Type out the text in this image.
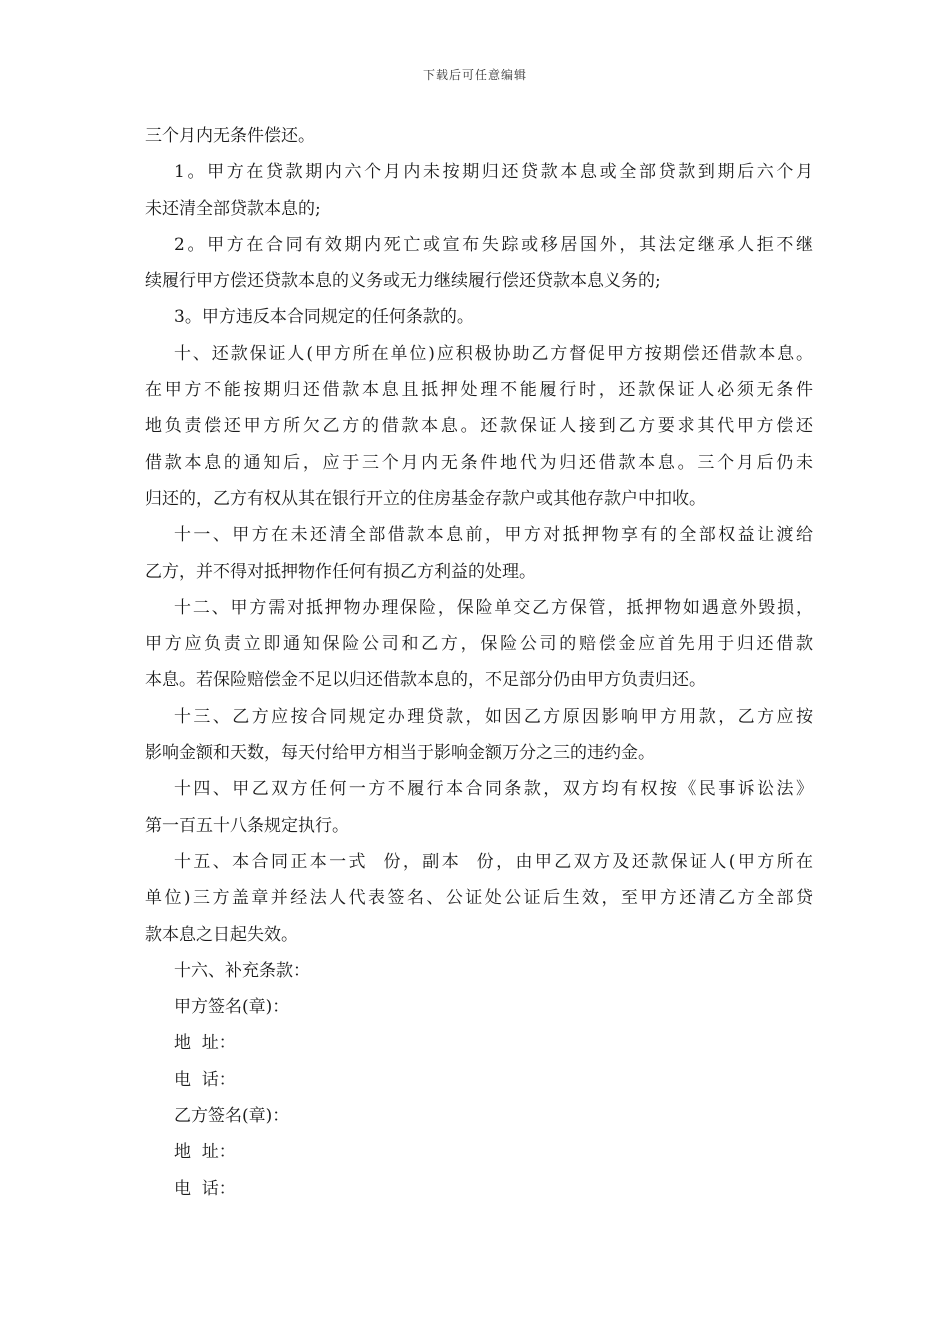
下载后可任意编辑
三个月内无条件偿还。
1。甲方在贷款期内六个月内未按期归还贷款本息或全部贷款到期后六个月
未还清全部贷款本息的;
2。甲方在合同有效期内死亡或宣布失踪或移居国外，其法定继承人拒不继
续履行甲方偿还贷款本息的义务或无力继续履行偿还贷款本息义务的;
3。甲方违反本合同规定的任何条款的。
十、还款保证人(甲方所在单位)应积极协助乙方督促甲方按期偿还借款本息。
在甲方不能按期归还借款本息且抵押处理不能履行时，还款保证人必须无条件
地负责偿还甲方所欠乙方的借款本息。还款保证人接到乙方要求其代甲方偿还
借款本息的通知后，应于三个月内无条件地代为归还借款本息。三个月后仍未
归还的，乙方有权从其在银行开立的住房基金存款户或其他存款户中扣收。
十一、甲方在未还清全部借款本息前，甲方对抵押物享有的全部权益让渡给
乙方，并不得对抵押物作任何有损乙方利益的处理。
十二、甲方需对抵押物办理保险，保险单交乙方保管，抵押物如遇意外毁损，
甲方应负责立即通知保险公司和乙方，保险公司的赔偿金应首先用于归还借款
本息。若保险赔偿金不足以归还借款本息的，不足部分仍由甲方负责归还。
十三、乙方应按合同规定办理贷款，如因乙方原因影响甲方用款，乙方应按
影响金额和天数，每天付给甲方相当于影响金额万分之三的违约金。
十四、甲乙双方任何一方不履行本合同条款，双方均有权按《民事诉讼法》
第一百五十八条规定执行。
十五、本合同正本一式  份，副本  份，由甲乙双方及还款保证人(甲方所在
单位)三方盖章并经法人代表签名、公证处公证后生效，至甲方还清乙方全部贷
款本息之日起失效。
十六、补充条款：
甲方签名(章)：
地  址：
电  话：
乙方签名(章)：
地  址：
电  话：
